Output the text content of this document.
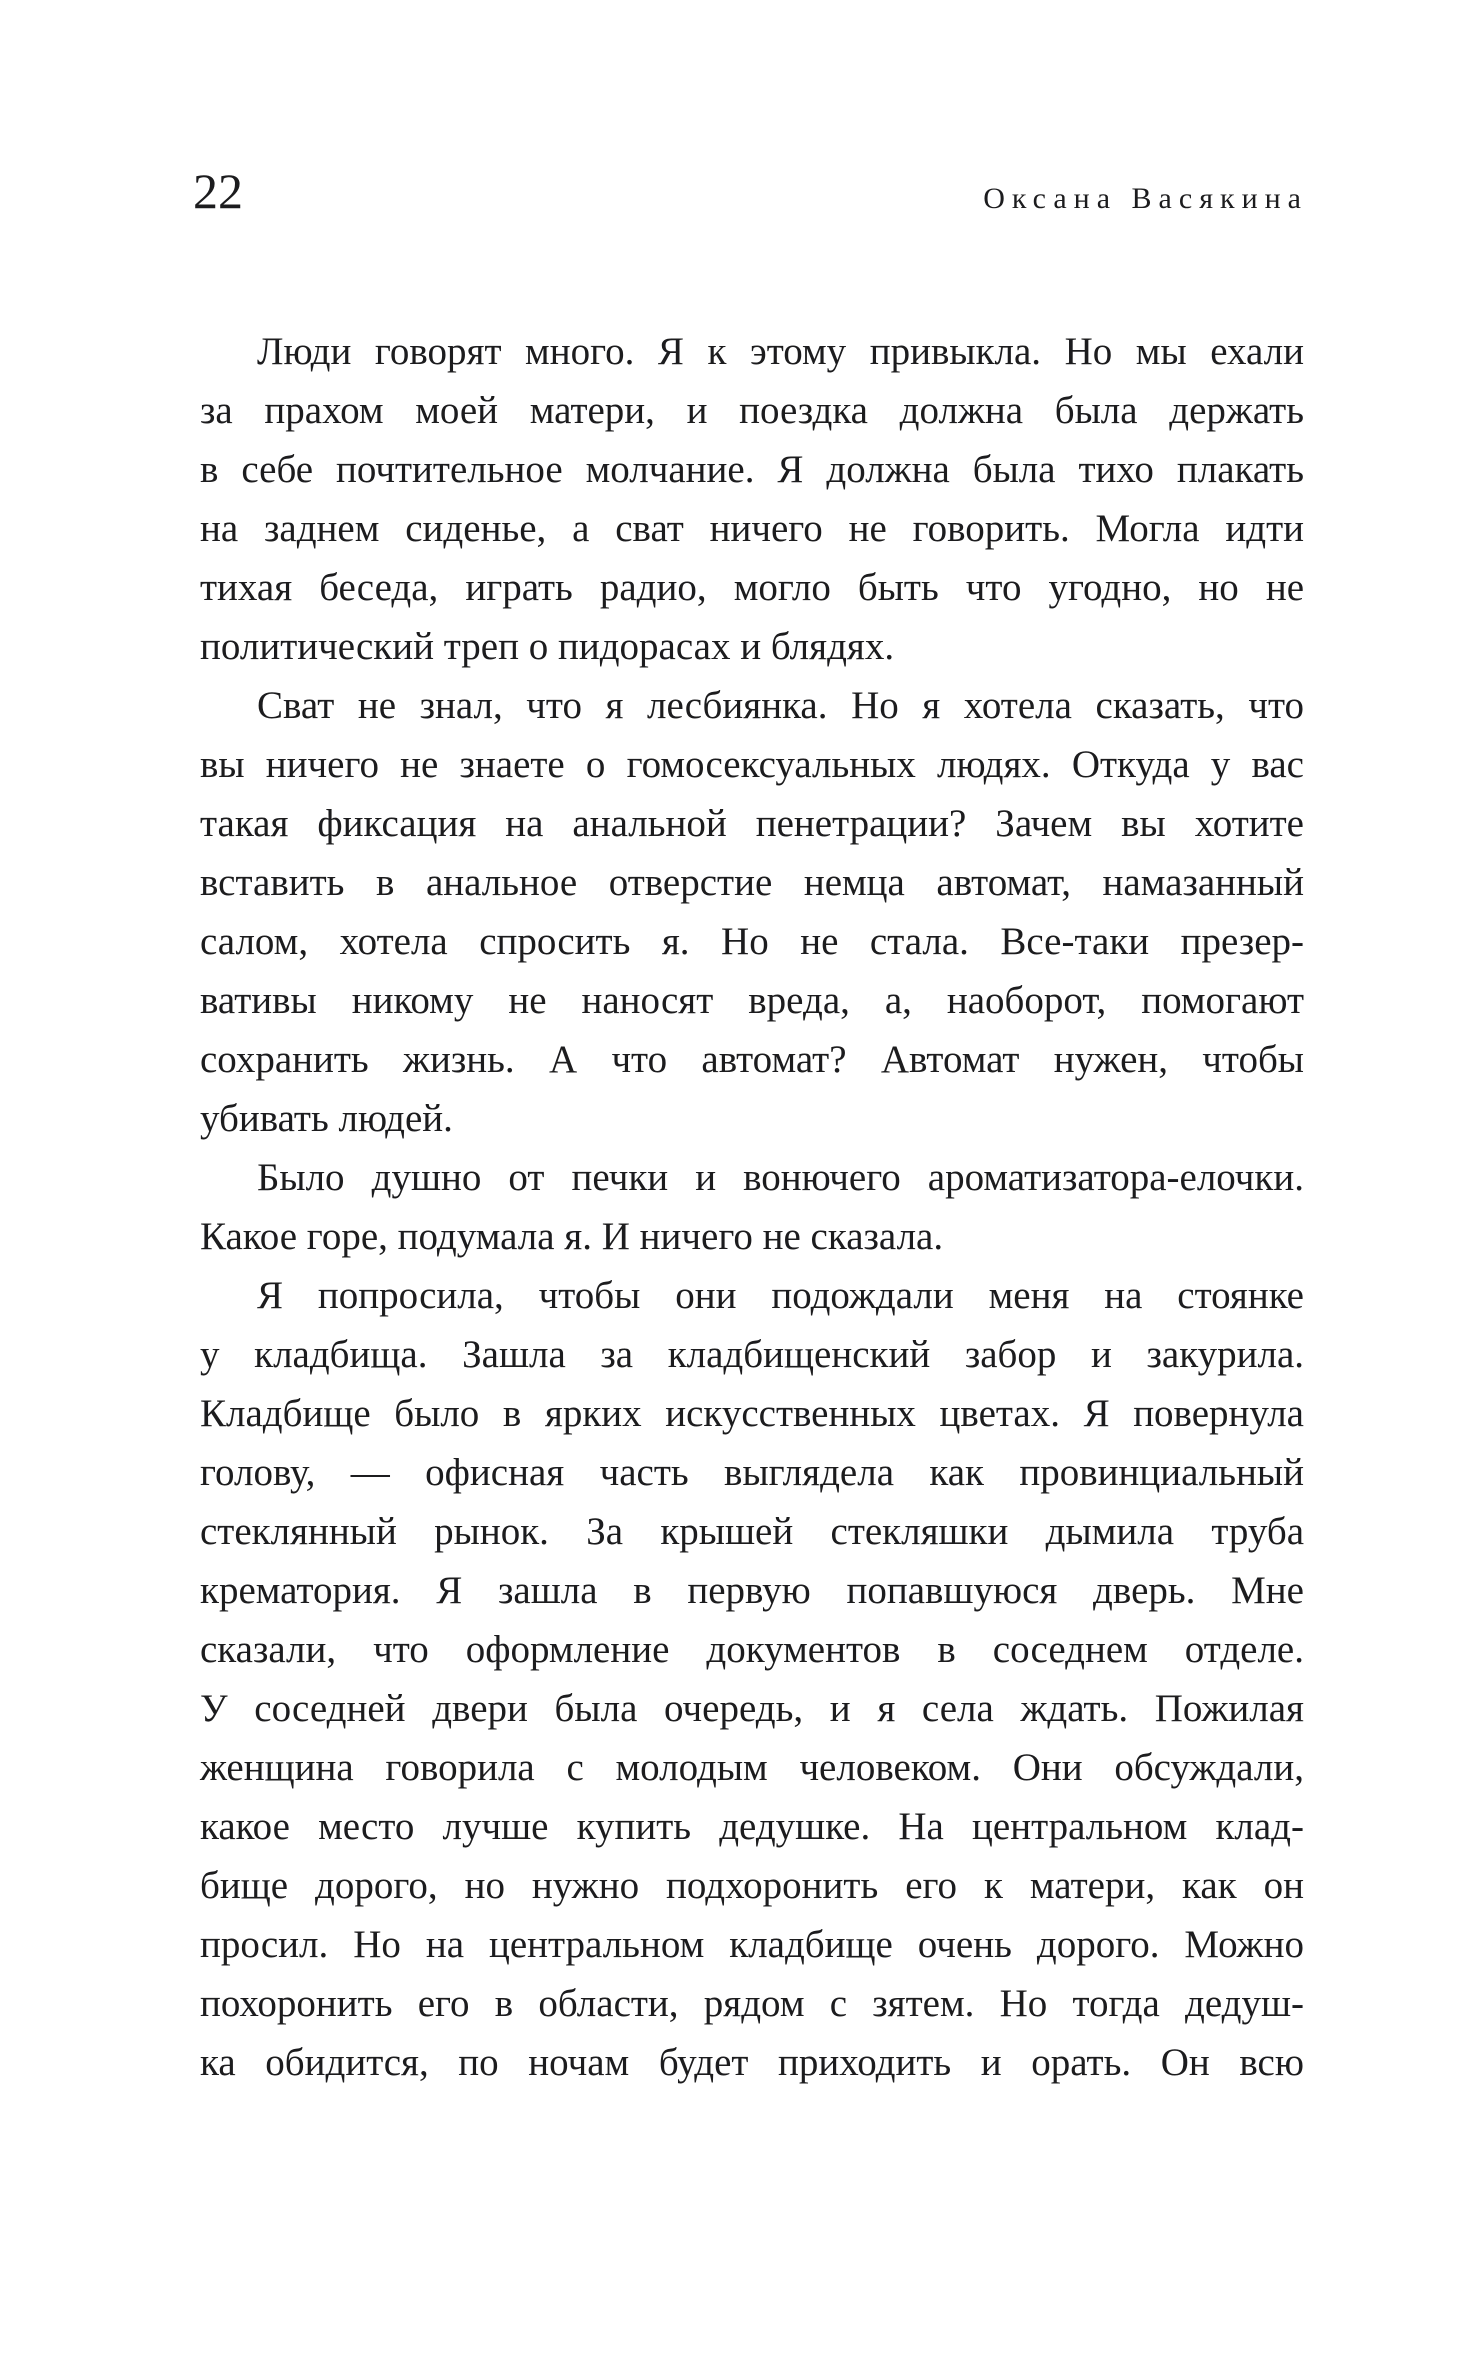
22	Оксана Васякина
Люди говорят много. Я к этому привыкла. Но мы ехали
за прахом моей матери, и поездка должна была держать
в себе почтительное молчание. Я должна была тихо плакать
на заднем сиденье, а сват ничего не говорить. Могла идти
тихая беседа, играть радио, могло быть что угодно, но не
политический треп о пидорасах и блядях.
Сват не знал, что я лесбиянка. Но я хотела сказать, что
вы ничего не знаете о гомосексуальных людях. Откуда у вас
такая фиксация на анальной пенетрации? Зачем вы хотите
вставить в анальное отверстие немца автомат, намазанный
салом, хотела спросить я. Но не стала. Все-таки презер-
вативы никому не наносят вреда, а, наоборот, помогают
сохранить жизнь. А что автомат? Автомат нужен, чтобы
убивать людей.
Было душно от печки и вонючего ароматизатора-елочки.
Какое горе, подумала я. И ничего не сказала.
Я попросила, чтобы они подождали меня на стоянке
у кладбища. Зашла за кладбищенский забор и закурила.
Кладбище было в ярких искусственных цветах. Я повернула
голову, — офисная часть выглядела как провинциальный
стеклянный рынок. За крышей стекляшки дымила труба
крематория. Я зашла в первую попавшуюся дверь. Мне
сказали, что оформление документов в соседнем отделе.
У соседней двери была очередь, и я села ждать. Пожилая
женщина говорила с молодым человеком. Они обсуждали,
какое место лучше купить дедушке. На центральном клад-
бище дорого, но нужно подхоронить его к матери, как он
просил. Но на центральном кладбище очень дорого. Можно
похоронить его в области, рядом с зятем. Но тогда дедуш-
ка обидится, по ночам будет приходить и орать. Он всю
